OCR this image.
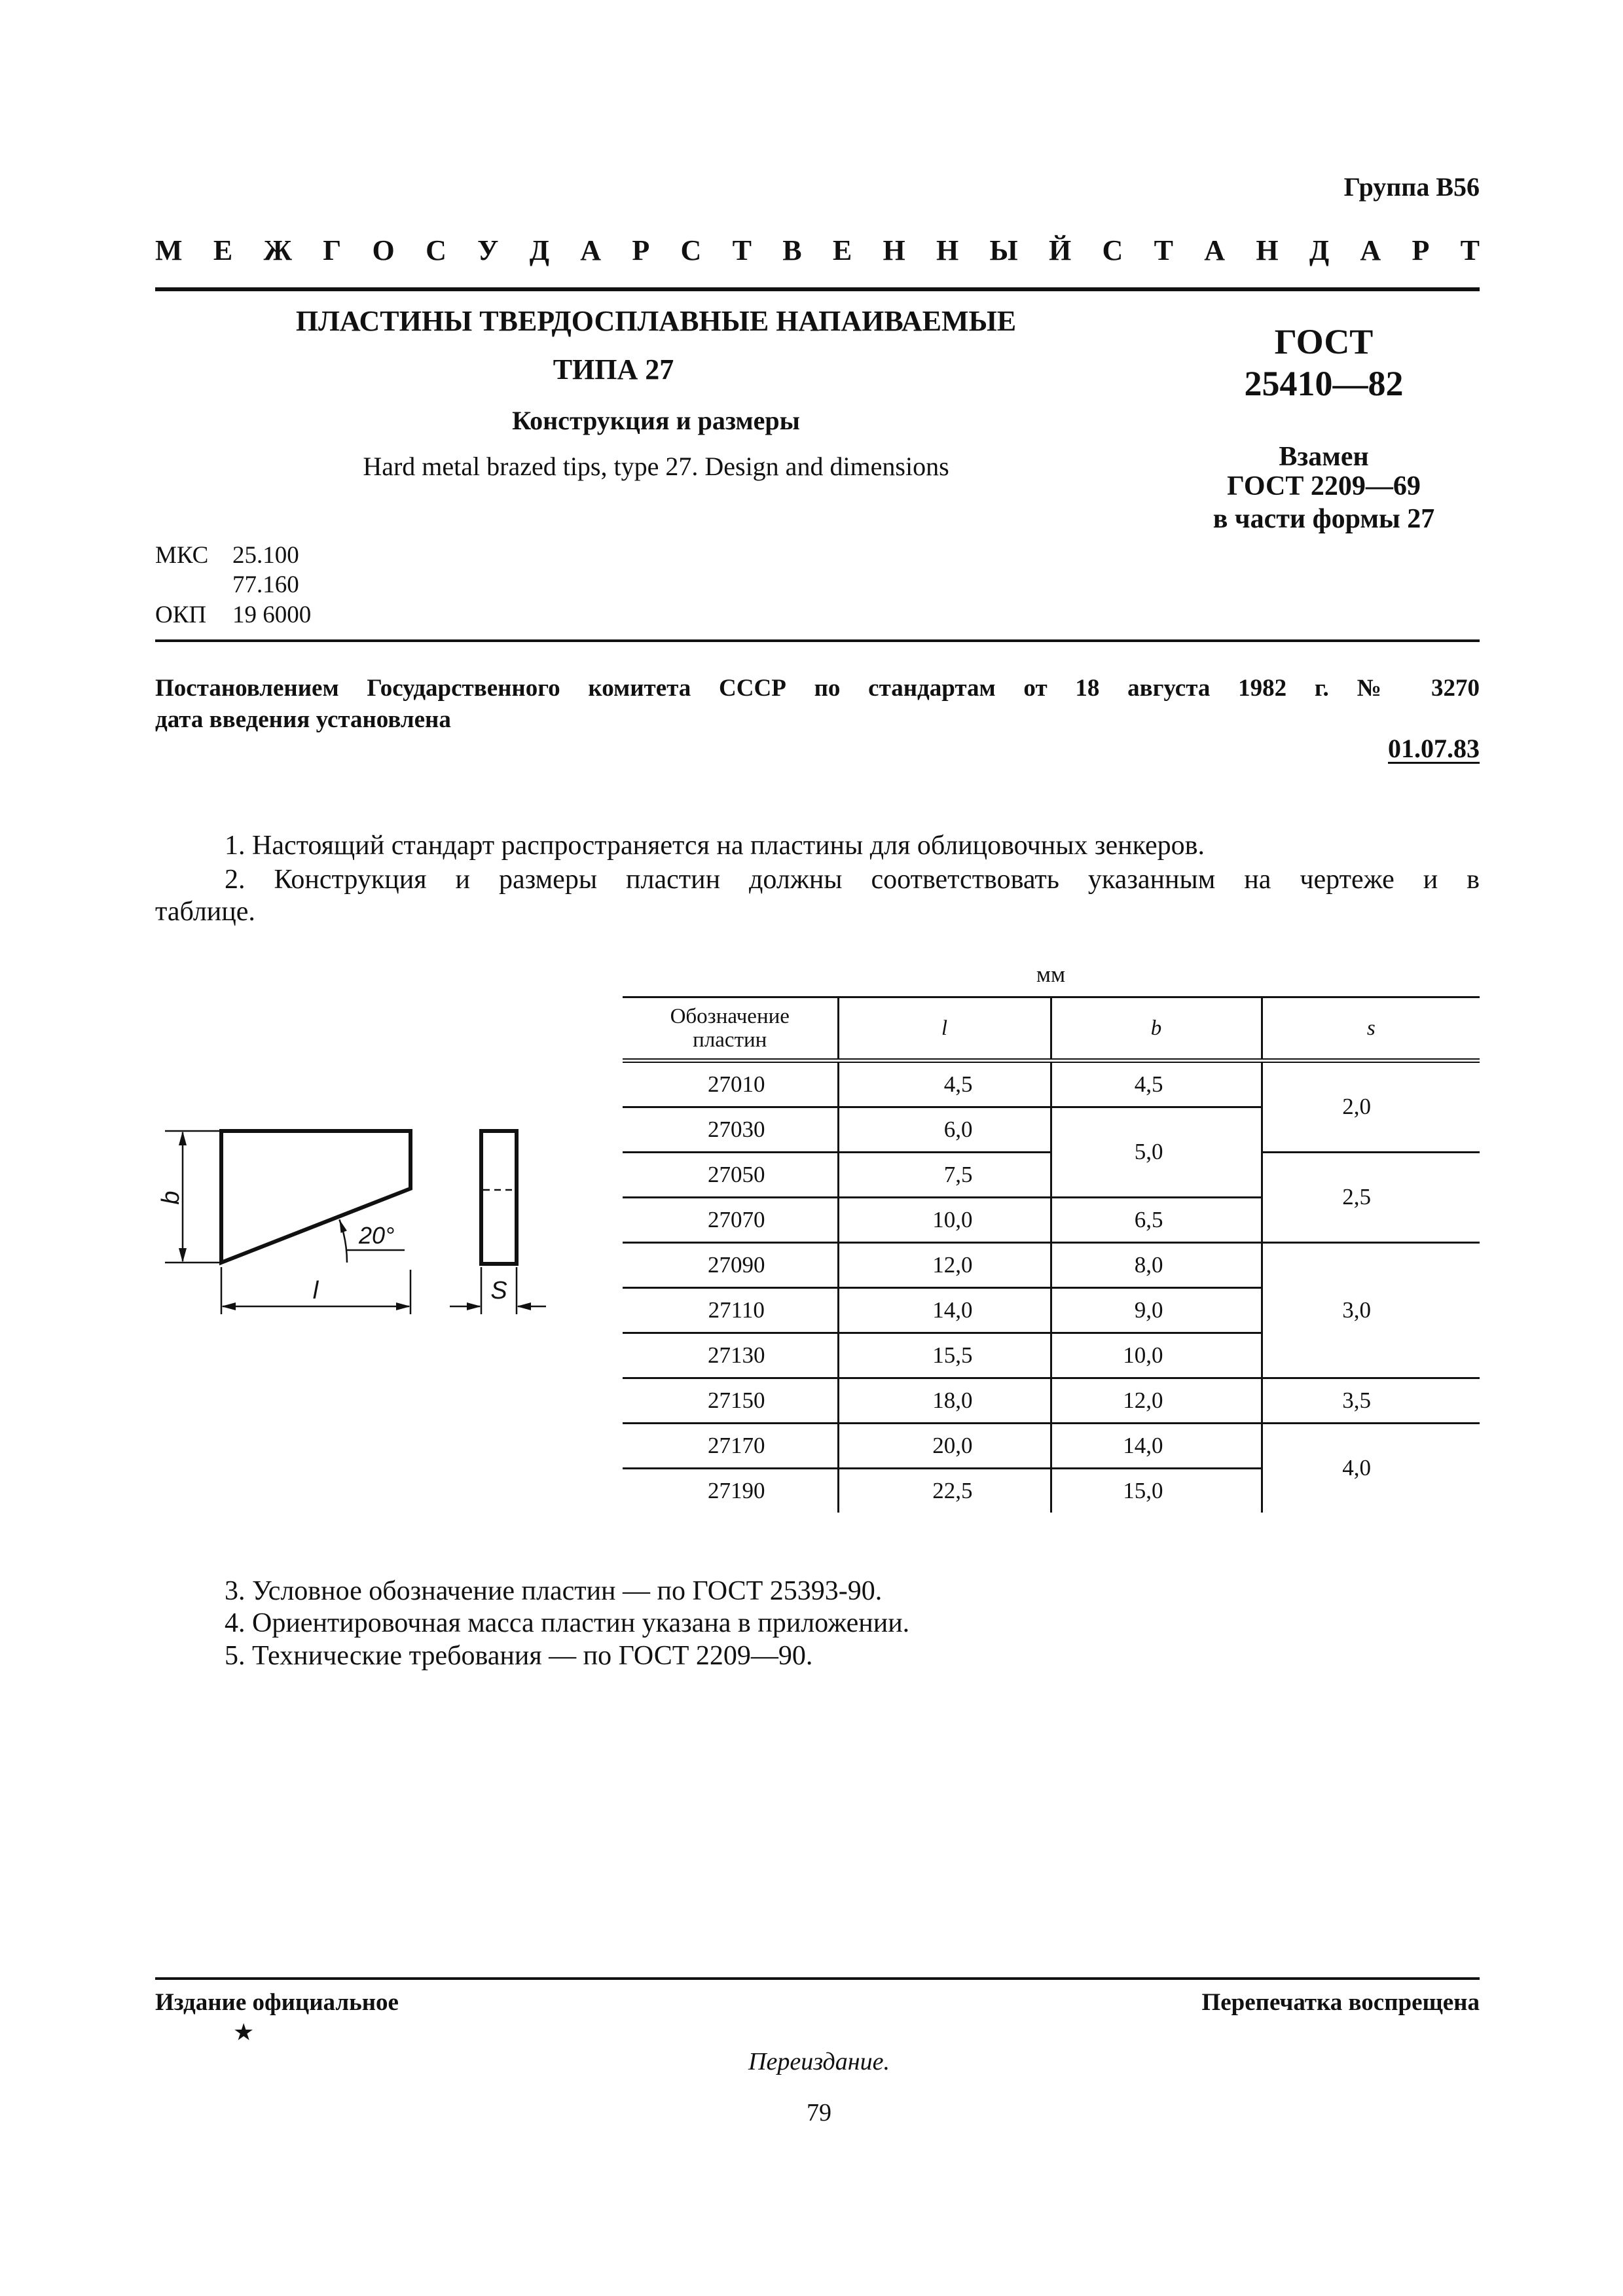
Группа В56
М Е Ж Г О С У Д А Р С Т В Е Н Н Ы Й С Т А Н Д А Р Т
ПЛАСТИНЫ ТВЕРДОСПЛАВНЫЕ НАПАИВАЕМЫЕ
ТИПА 27
Конструкция и размеры
Hard metal brazed tips, type 27. Design and dimensions
ГОСТ
25410—82
Взамен
ГОСТ 2209—69
в части формы 27
МКС 25.100
77.160
ОКП 19 6000
Постановлением Государственного комитета СССР по стандартам от 18 августа 1982 г. № 3270
дата введения установлена
01.07.83
1. Настоящий стандарт распространяется на пластины для облицовочных зенкеров.
2. Конструкция и размеры пластин должны соответствовать указанным на чертеже и в
таблице.
b
20°
l	S
мм
Обозначение
пластин	l	b	s
27010	4,5	4,5	2,0
27030	6,0	5,0	
27050	7,5		2,5
27070	10,0	6,5	
27090	12,0	8,0	3,0
27110	14,0	9,0	
27130	15,5	10,0	
27150	18,0	12,0	3,5
27170	20,0	14,0	4,0
27190	22,5	15,0	
3. Условное обозначение пластин — по ГОСТ 25393-90.
4. Ориентировочная масса пластин указана в приложении.
5. Технические требования — по ГОСТ 2209—90.
Издание официальное	Перепечатка воспрещена
★
Переиздание.
79
